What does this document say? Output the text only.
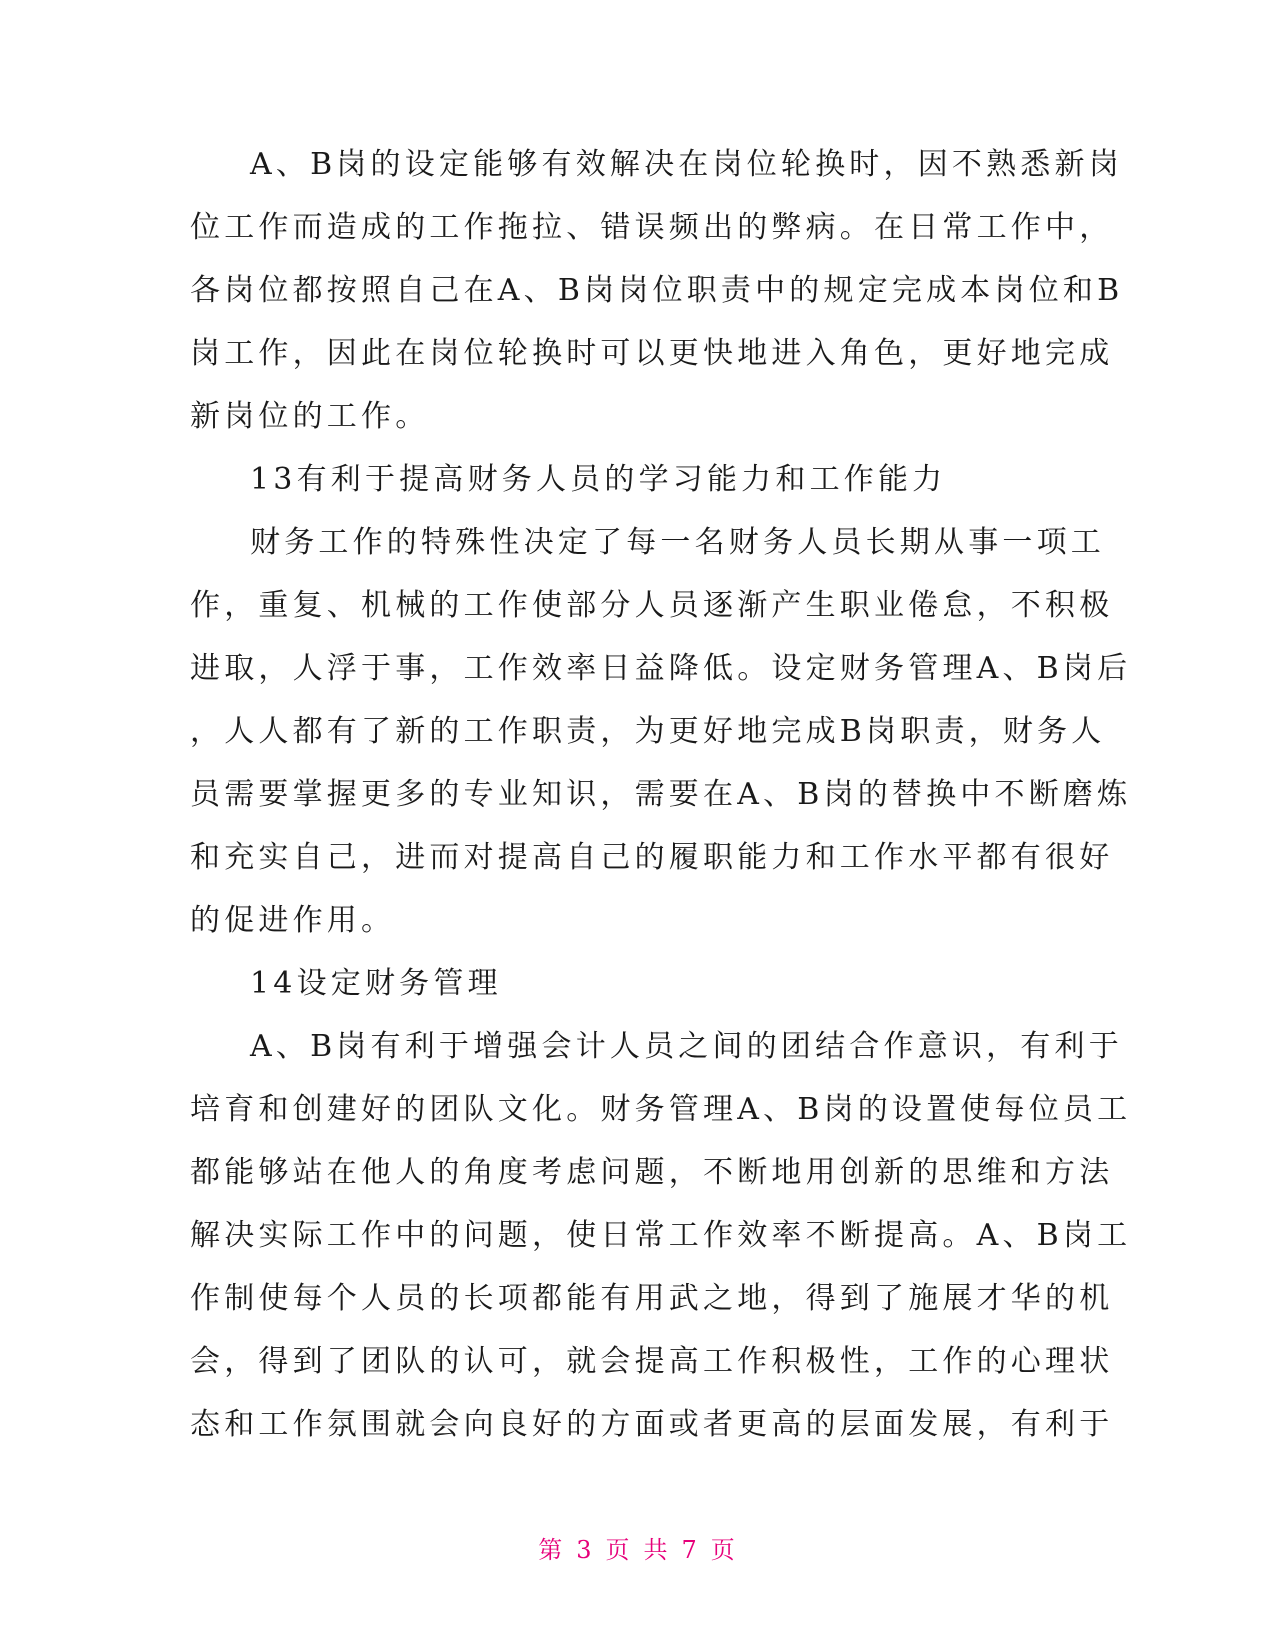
A、B岗的设定能够有效解决在岗位轮换时，因不熟悉新岗
位工作而造成的工作拖拉、错误频出的弊病。在日常工作中，
各岗位都按照自己在A、B岗岗位职责中的规定完成本岗位和B
岗工作，因此在岗位轮换时可以更快地进入角色，更好地完成
新岗位的工作。
13有利于提高财务人员的学习能力和工作能力
财务工作的特殊性决定了每一名财务人员长期从事一项工
作，重复、机械的工作使部分人员逐渐产生职业倦怠，不积极
进取，人浮于事，工作效率日益降低。设定财务管理A、B岗后
，人人都有了新的工作职责，为更好地完成B岗职责，财务人
员需要掌握更多的专业知识，需要在A、B岗的替换中不断磨炼
和充实自己，进而对提高自己的履职能力和工作水平都有很好
的促进作用。
14设定财务管理
A、B岗有利于增强会计人员之间的团结合作意识，有利于
培育和创建好的团队文化。财务管理A、B岗的设置使每位员工
都能够站在他人的角度考虑问题，不断地用创新的思维和方法
解决实际工作中的问题，使日常工作效率不断提高。A、B岗工
作制使每个人员的长项都能有用武之地，得到了施展才华的机
会，得到了团队的认可，就会提高工作积极性，工作的心理状
态和工作氛围就会向良好的方面或者更高的层面发展，有利于
第 3 页 共 7 页
